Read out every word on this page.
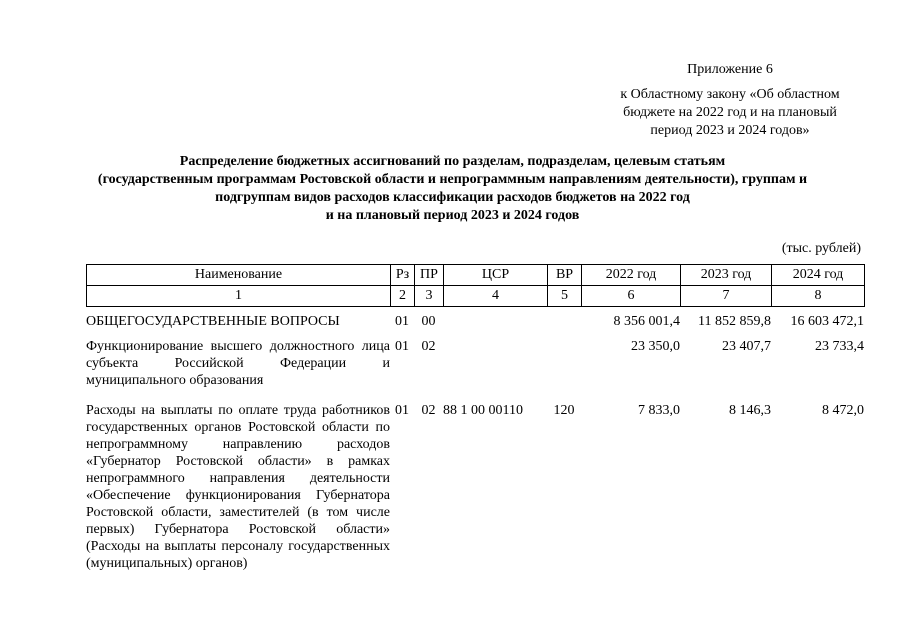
Приложение 6
к Областному закону «Об областном
бюджете на 2022 год и на плановый
период 2023 и 2024 годов»
Распределение бюджетных ассигнований по разделам, подразделам, целевым статьям
(государственным программам Ростовской области и непрограммным направлениям деятельности), группам и
подгруппам видов расходов классификации расходов бюджетов на 2022 год
и на плановый период 2023 и 2024 годов
(тыс. рублей)
Наименование	Рз	ПР	ЦСР	ВР	2022 год	2023 год	2024 год
1	2	3	4	5	6	7	8
ОБЩЕГОСУДАРСТВЕННЫЕ ВОПРОСЫ	01	00			8 356 001,4	11 852 859,8	16 603 472,1
Функционирование высшего должностного лица субъекта Российской Федерации и муниципального образования	01	02			23 350,0	23 407,7	23 733,4
Расходы на выплаты по оплате труда работников государственных органов Ростовской области по непрограммному направлению расходов «Губернатор Ростовской области» в рамках непрограммного направления деятельности «Обеспечение функционирования Губернатора Ростовской области, заместителей (в том числе первых) Губернатора Ростовской области» (Расходы на выплаты персоналу государственных (муниципальных) органов)	01	02	88 1 00 00110	120	7 833,0	8 146,3	8 472,0
